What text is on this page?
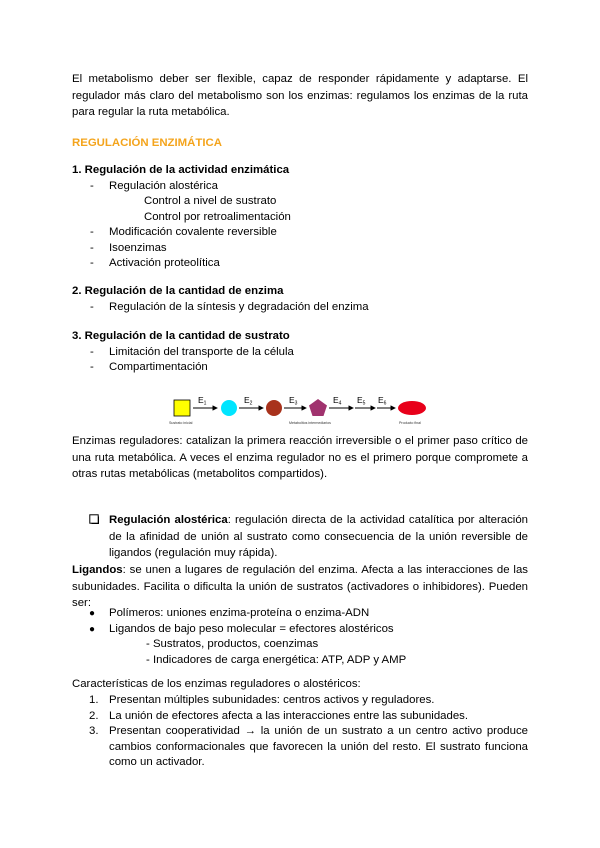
El metabolismo deber ser flexible, capaz de responder rápidamente y adaptarse. El regulador más claro del metabolismo son los enzimas: regulamos los enzimas de la ruta para regular la ruta metabólica.

REGULACIÓN ENZIMÁTICA
1. Regulación de la actividad enzimática
- Regulación alostérica
Control a nivel de sustrato
Control por retroalimentación
- Modificación covalente reversible
- Isoenzimas
- Activación proteolítica
2. Regulación de la cantidad de enzima
- Regulación de la síntesis y degradación del enzima
3. Regulación de la cantidad de sustrato
- Limitación del transporte de la célula
- Compartimentación
E1	E2	E3	E4 E5 E6
Sustrato inicial	Metabolitos intermediarios	Producto final

Enzimas reguladores: catalizan la primera reacción irreversible o el primer paso crítico de una ruta metabólica. A veces el enzima regulador no es el primero porque compromete a otras rutas metabólicas (metabolitos compartidos).

Regulación alostérica: regulación directa de la actividad catalítica por alteración de la afinidad de unión al sustrato como consecuencia de la unión reversible de ligandos (regulación muy rápida).
Ligandos: se unen a lugares de regulación del enzima. Afecta a las interacciones de las subunidades. Facilita o dificulta la unión de sustratos (activadores o inhibidores). Pueden ser:
● Polímeros: uniones enzima-proteína o enzima-ADN
● Ligandos de bajo peso molecular = efectores alostéricos
- Sustratos, productos, coenzimas
- Indicadores de carga energética: ATP, ADP y AMP
Características de los enzimas reguladores o alostéricos:
1. Presentan múltiples subunidades: centros activos y reguladores.
2. La unión de efectores afecta a las interacciones entre las subunidades.
3. Presentan cooperatividad → la unión de un sustrato a un centro activo produce cambios conformacionales que favorecen la unión del resto. El sustrato funciona como un activador.
